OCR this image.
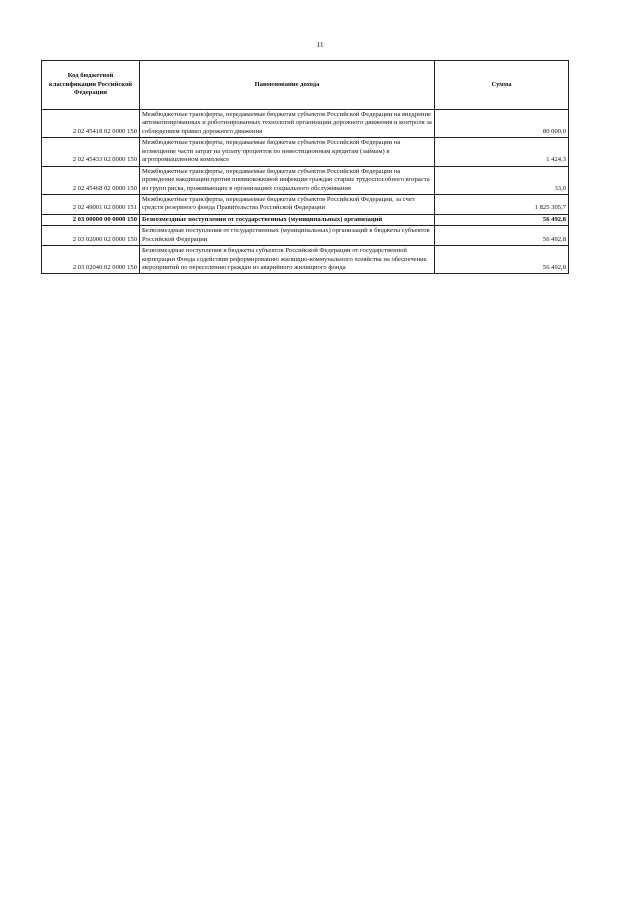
11
Код бюджетной классификации Российской Федерации	Наименование дохода	Сумма
2 02 45418 02 0000 150	Межбюджетные трансферты, передаваемые бюджетам субъектов Российской Федерации на внедрение автоматизированных и роботизированных технологий организации дорожного движения и контроля за соблюдением правил дорожного движения	80 000,0
2 02 45433 02 0000 150	Межбюджетные трансферты, передаваемые бюджетам субъектов Российской Федерации на возмещение части затрат на уплату процентов по инвестиционным кредитам (займам) в агропромышленном комплексе	1 424,3
2 02 45468 02 0000 150	Межбюджетные трансферты, передаваемые бюджетам субъектов Российской Федерации на проведение вакцинации против пневмококковой инфекции граждан старше трудоспособного возраста из групп риска, проживающих в организациях социального обслуживания	33,0
2 02 49001 02 0000 151	Межбюджетные трансферты, передаваемые бюджетам субъектов Российской Федерации, за счет средств резервного фонда Правительства Российской Федерации	1 825 305,7
2 03 00000 00 0000 150	Безвозмездные поступления от государственных (муниципальных) организаций	56 492,8
2 03 02000 02 0000 150	Безвозмездные поступления от государственных (муниципальных) организаций в бюджеты субъектов Российской Федерации	56 492,8
2 03 02040 02 0000 150	Безвозмездные поступления в бюджеты субъектов Российской Федерации от государственной корпорации Фонда содействия реформированию жилищно-коммунального хозяйства на обеспечение мероприятий по переселению граждан из аварийного жилищного фонда	56 492,8
